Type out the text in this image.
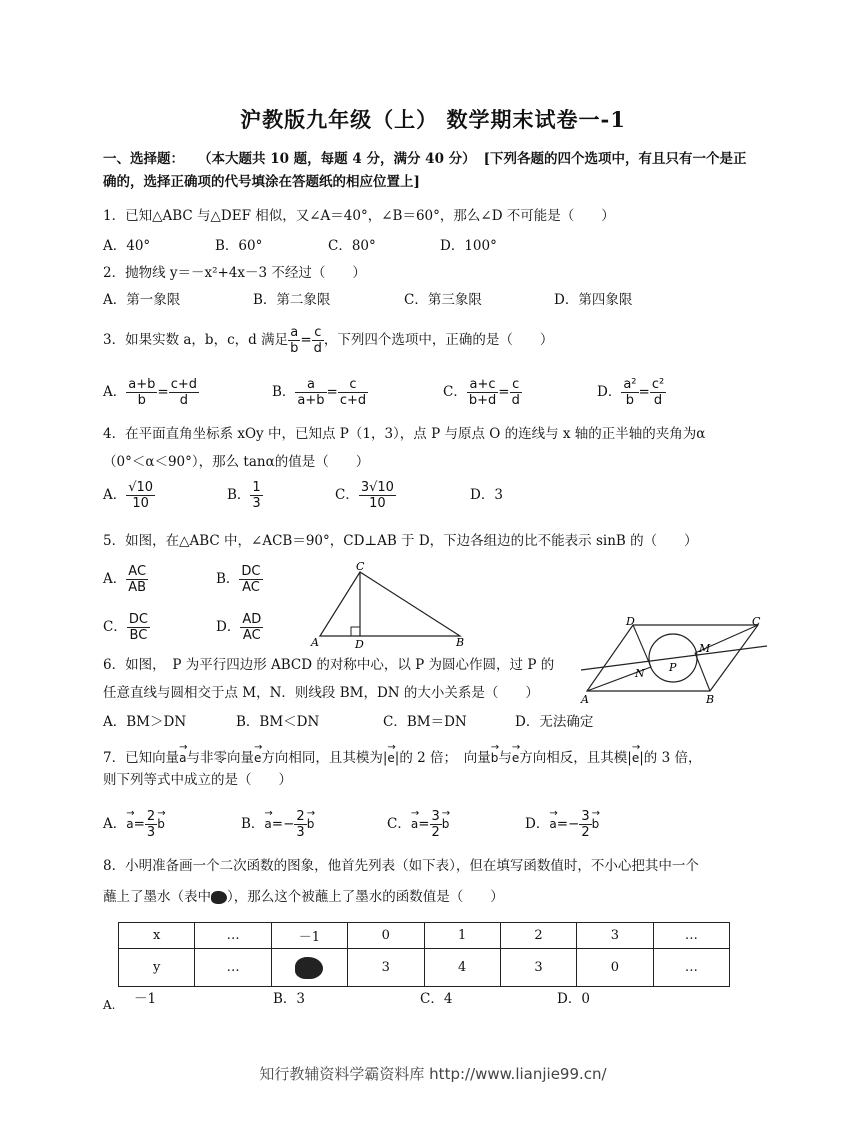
沪教版九年级（上） 数学期末试卷一-1
一、选择题： （本大题共 10 题，每题 4 分，满分 40 分） [下列各题的四个选项中，有且只有一个是正
确的，选择正确项的代号填涂在答题纸的相应位置上]
1．已知△ABC 与△DEF 相似，又∠A＝40°，∠B＝60°，那么∠D 不可能是（　　）
A．40°	B．60°	C．80°	D．100°
2．抛物线 y＝－x²+4x－3 不经过（　　）
A．第一象限	B．第二象限	C．第三象限	D．第四象限
3．如果实数 a，b，c，d 满足 $\frac{a}{b} = \frac{c}{d}$ ，下列四个选项中，正确的是（　　）
A． $\frac{a+b}{b} = \frac{c+d}{d}$	B． $\frac{a}{a+b} = \frac{c}{c+d}$	C． $\frac{a+c}{b+d} = \frac{c}{d}$	D． $\frac{\text{a²}}{b} = \frac{\text{c²}}{d}$
4．在平面直角坐标系 xOy 中，已知点 P（1，3），点 P 与原点 O 的连线与 x 轴的正半轴的夹角为α
（0°＜α＜90°），那么 tanα的值是（　　）
A． $\frac{√10}{10}$	B． $\frac{1}{3}$	C． $\frac{3√10}{10}$	D．3
5．如图，在△ABC 中，∠ACB＝90°，CD⊥AB 于 D，下边各组边的比不能表示 sinB 的（　　）
A． $\frac{AC}{AB}$	B． $\frac{DC}{AC}$
C． $\frac{DC}{BC}$	D． $\frac{AD}{AC}$	A
C
D	B
A	B
C
D
P
M
N
6．如图，　P 为平行四边形 ABCD 的对称中心，以 P 为圆心作圆，过 P 的
任意直线与圆相交于点 M，N．则线段 BM，DN 的大小关系是（　　）
A．BM＞DN	B．BM＜DN	C．BM＝DN	D．无法确定
7．已知向量→ a与非零向量→ e方向相同，且其模为|→ e|的 2 倍；　向量→ b与→ e方向相反，且其模|→ e|的 3 倍，
则下列等式中成立的是（　　）
A．→ $a= \frac{2}{3} \to b$	B．→ $a=- \frac{2}{3} \to b$	C．→ $a= \frac{3}{2} \to b$	D．→ $a=- \frac{3}{2} \to b$
8．小明准备画一个二次函数的图象，他首先列表（如下表），但在填写函数值时，不小心把其中一个
蘸上了墨水（表中 ），那么这个被蘸上了墨水的函数值是（　　）
x	…	－1	0	1	2	3	…
y	…		3	4	3	0	…
A. －1	B．3	C．4	D．0
知行教辅资料学霸资料库 http://www.lianjie99.cn/
